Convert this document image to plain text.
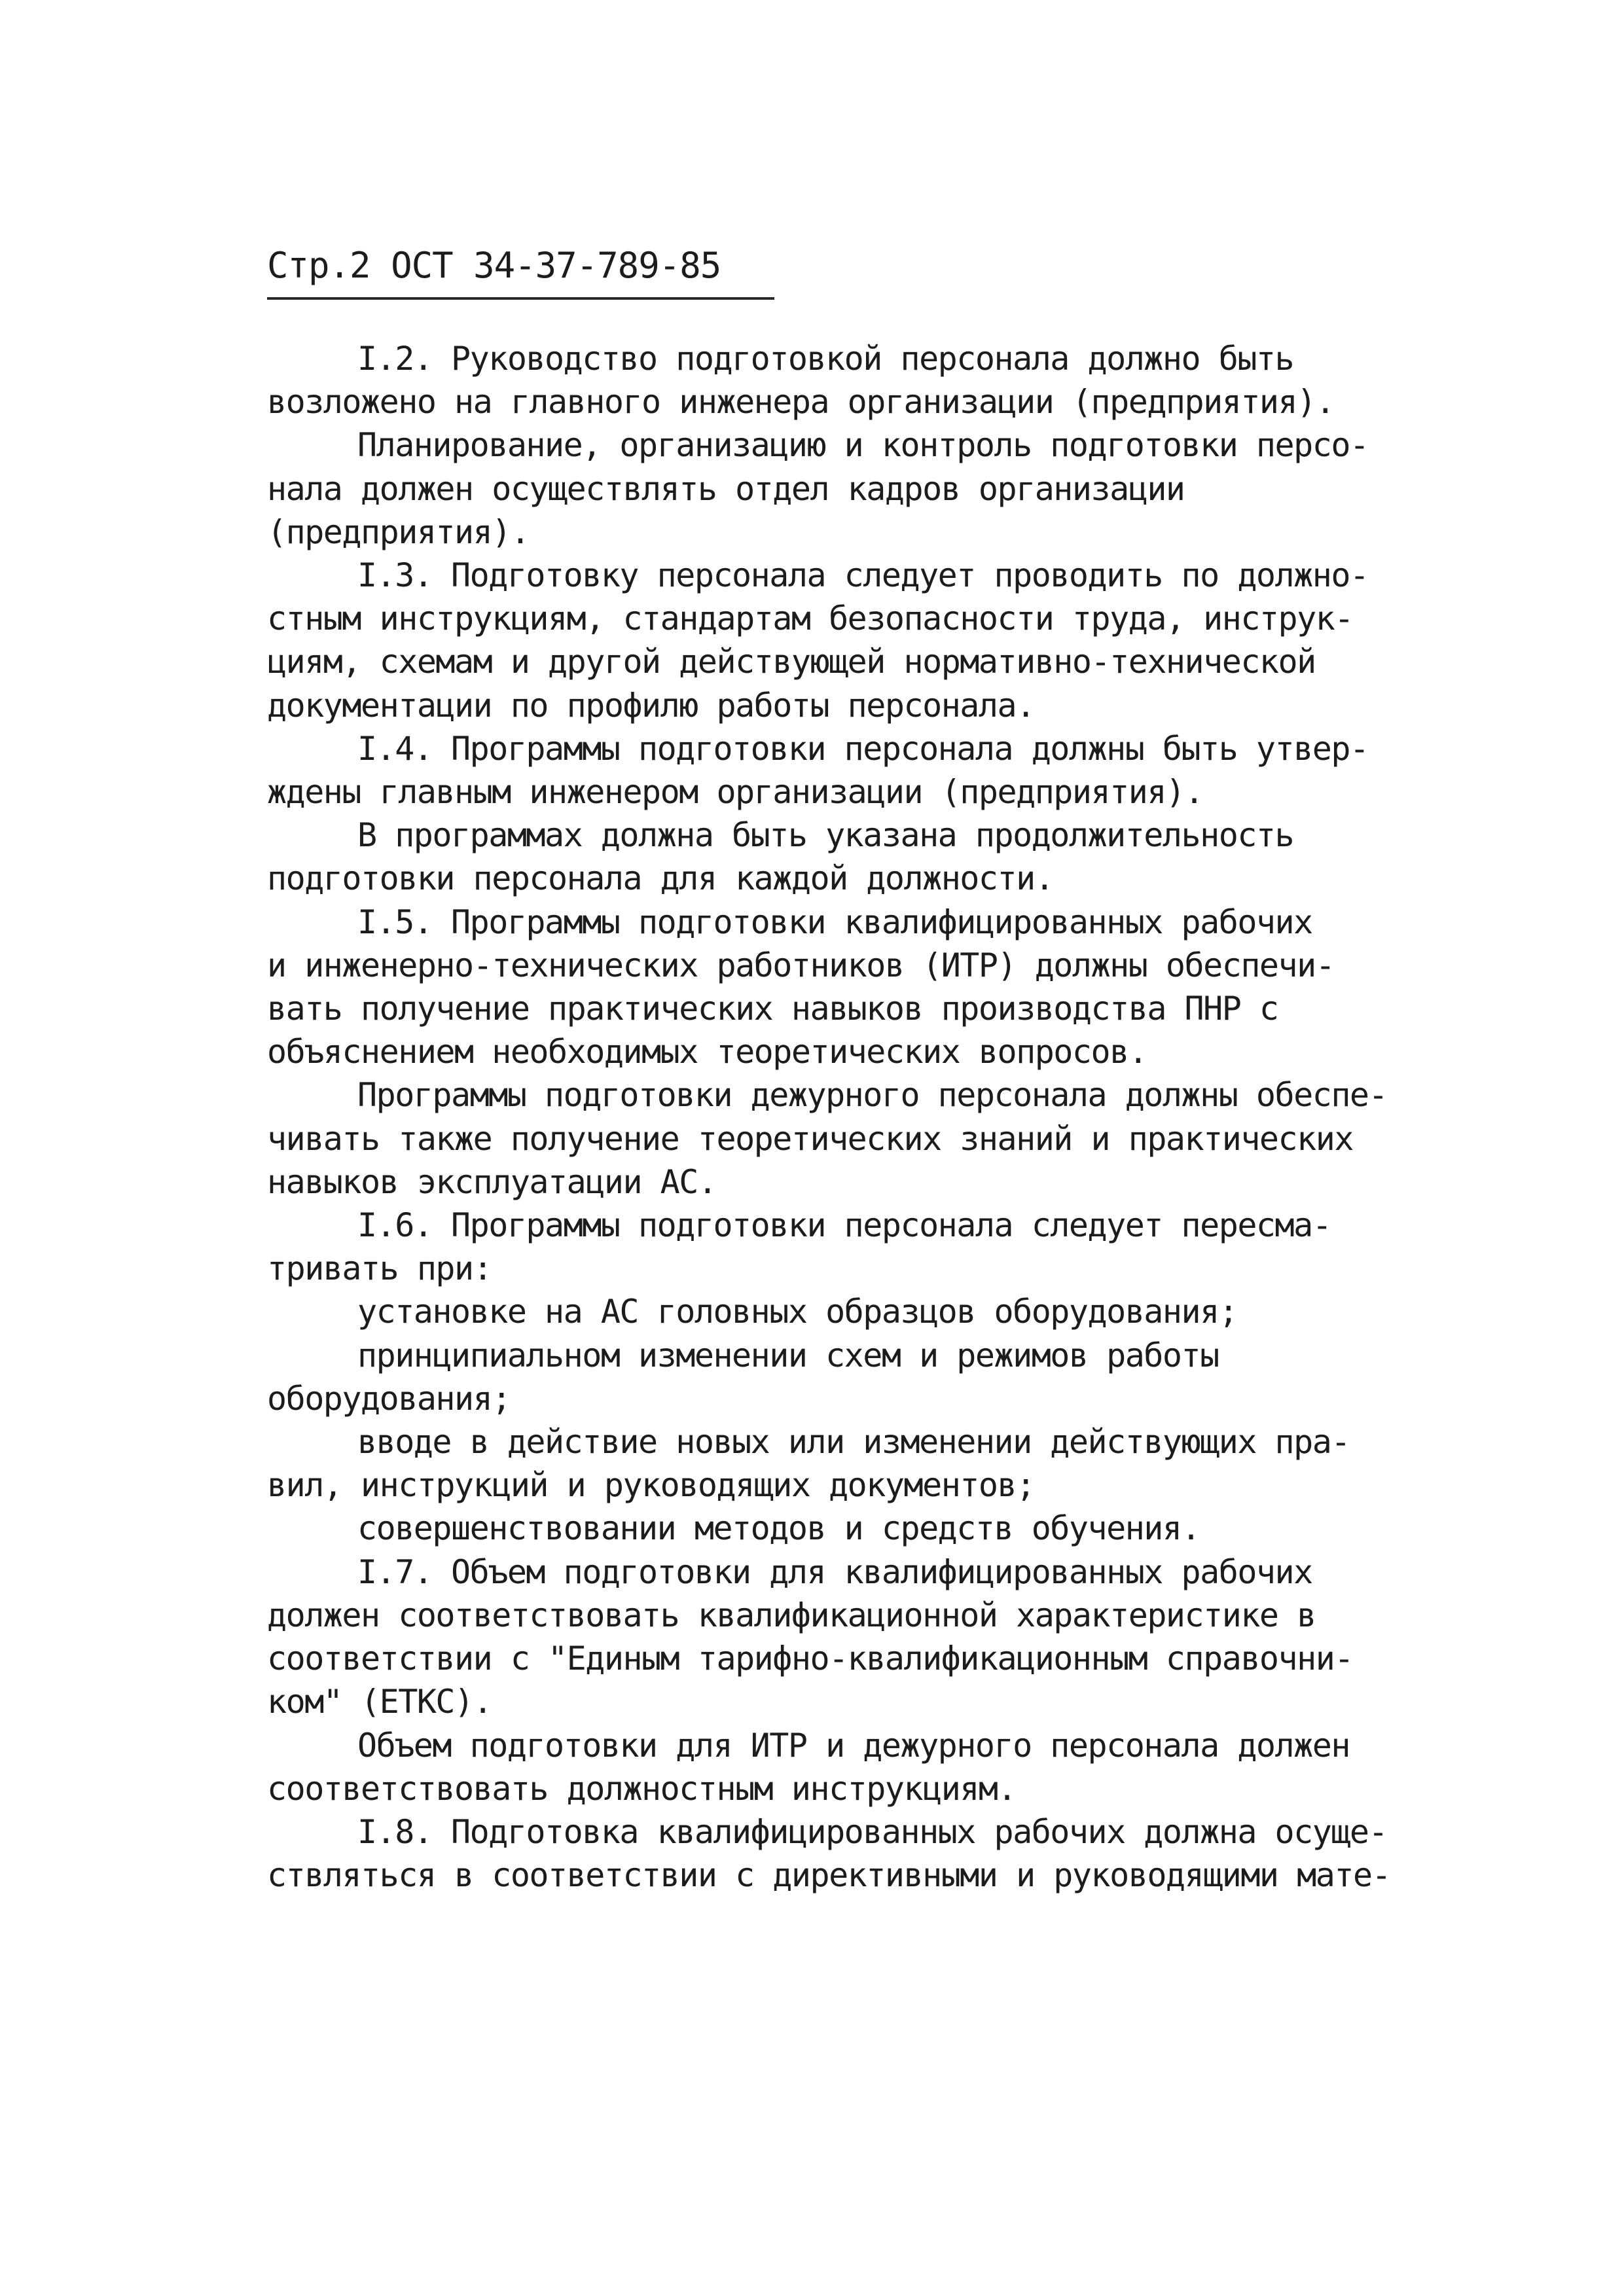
Стр.2 ОСТ 34-37-789-85
I.2. Руководство подготовкой персонала должно быть
возложено на главного инженера организации (предприятия).
Планирование, организацию и контроль подготовки персо-
нала должен осуществлять отдел кадров организации
(предприятия).
I.3. Подготовку персонала следует проводить по должно-
стным инструкциям, стандартам безопасности труда, инструк-
циям, схемам и другой действующей нормативно-технической
документации по профилю работы персонала.
I.4. Программы подготовки персонала должны быть утвер-
ждены главным инженером организации (предприятия).
В программах должна быть указана продолжительность
подготовки персонала для каждой должности.
I.5. Программы подготовки квалифицированных рабочих
и инженерно-технических работников (ИТР) должны обеспечи-
вать получение практических навыков производства ПНР с
объяснением необходимых теоретических вопросов.
Программы подготовки дежурного персонала должны обеспе-
чивать также получение теоретических знаний и практических
навыков эксплуатации АС.
I.6. Программы подготовки персонала следует пересма-
тривать при:
установке на АС головных образцов оборудования;
принципиальном изменении схем и режимов работы
оборудования;
вводе в действие новых или изменении действующих пра-
вил, инструкций и руководящих документов;
совершенствовании методов и средств обучения.
I.7. Объем подготовки для квалифицированных рабочих
должен соответствовать квалификационной характеристике в
соответствии с "Единым тарифно-квалификационным справочни-
ком" (ЕТКС).
Объем подготовки для ИТР и дежурного персонала должен
соответствовать должностным инструкциям.
I.8. Подготовка квалифицированных рабочих должна осуще-
ствляться в соответствии с директивными и руководящими мате-
